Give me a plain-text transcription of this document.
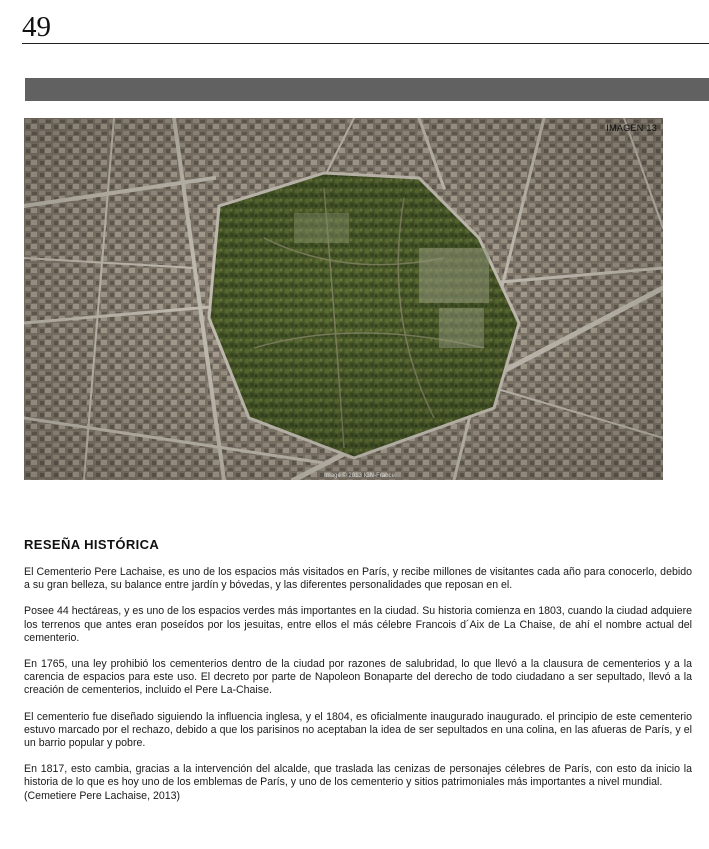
49
IMAGEN 13
Image © 2013 IGN-France
RESEÑA HISTÓRICA

El Cementerio Pere Lachaise, es uno de los espacios más visitados en París, y recibe millones de visitantes cada año para conocerlo, debido a su gran belleza, su balance entre jardín y bóvedas, y las diferentes personalidades que reposan en el.

Posee 44 hectáreas, y es uno de los espacios verdes más importantes en la ciudad. Su historia comienza en 1803, cuando la ciudad adquiere los terrenos que antes eran poseídos por los jesuitas, entre ellos el más célebre Francois d´Aix de La Chaise, de ahí el nombre actual del cementerio.

En 1765, una ley prohibió los cementerios dentro de la ciudad por razones de salubridad, lo que llevó a la clausura de cementerios y a la carencia de espacios para este uso. El decreto por parte de Napoleon Bonaparte del derecho de todo ciudadano a ser sepultado, llevó a la creación de cementerios, incluido el Pere La-Chaise.

El cementerio fue diseñado siguiendo la influencia inglesa, y el 1804, es oficialmente inaugurado inaugurado. el principio de este cementerio estuvo marcado por el rechazo, debido a que los parisinos no aceptaban la idea de ser sepultados en una colina, en las afueras de París, y el un barrio popular y pobre.

En 1817, esto cambia, gracias a la intervención del alcalde, que traslada las cenizas de personajes célebres de París, con esto da inicio la historia de lo que es hoy uno de los emblemas de París, y uno de los cementerio y sitios patrimoniales más importantes a nivel mundial.

(Cemetiere Pere Lachaise, 2013)
